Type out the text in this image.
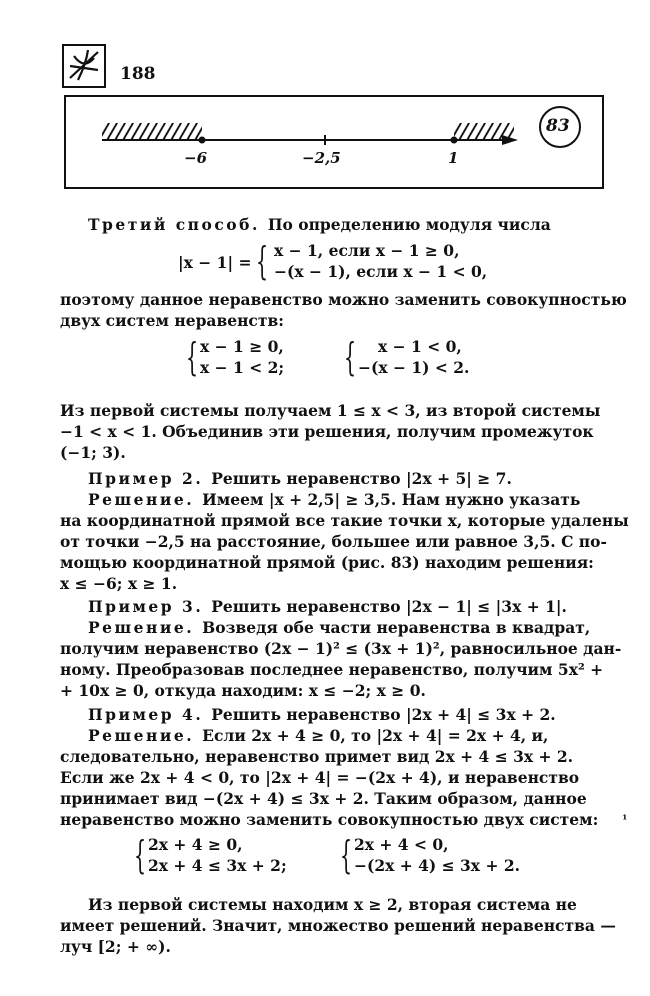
188
−6	−2,5	1
83
Третий способ. По определению модуля числа
|x − 1| = { x − 1, если x − 1 ≥ 0,
−(x − 1), если x − 1 < 0,
поэтому данное неравенство можно заменить совокупностью
двух систем неравенств:
{ x − 1 ≥ 0,
x − 1 < 2; { x − 1 < 0,
−(x − 1) < 2.
Из первой системы получаем 1 ≤ x < 3, из второй системы
−1 < x < 1. Объединив эти решения, получим промежуток
(−1; 3).
Пример 2. Решить неравенство |2x + 5| ≥ 7.
Решение. Имеем |x + 2,5| ≥ 3,5. Нам нужно указать
на координатной прямой все такие точки x, которые удалены
от точки −2,5 на расстояние, большее или равное 3,5. С по-
мощью координатной прямой (рис. 83) находим решения:
x ≤ −6; x ≥ 1.
Пример 3. Решить неравенство |2x − 1| ≤ |3x + 1|.
Решение. Возведя обе части неравенства в квадрат,
получим неравенство (2x − 1)² ≤ (3x + 1)², равносильное дан-
ному. Преобразовав последнее неравенство, получим 5x² +
+ 10x ≥ 0, откуда находим: x ≤ −2; x ≥ 0.
Пример 4. Решить неравенство |2x + 4| ≤ 3x + 2.
Решение. Если 2x + 4 ≥ 0, то |2x + 4| = 2x + 4, и,
следовательно, неравенство примет вид 2x + 4 ≤ 3x + 2.
Если же 2x + 4 < 0, то |2x + 4| = −(2x + 4), и неравенство
принимает вид −(2x + 4) ≤ 3x + 2. Таким образом, данное
неравенство можно заменить совокупностью двух систем: ¹
{ 2x + 4 ≥ 0,
2x + 4 ≤ 3x + 2; { 2x + 4 < 0,
−(2x + 4) ≤ 3x + 2.
Из первой системы находим x ≥ 2, вторая система не
имеет решений. Значит, множество решений неравенства —
луч [2; + ∞).
